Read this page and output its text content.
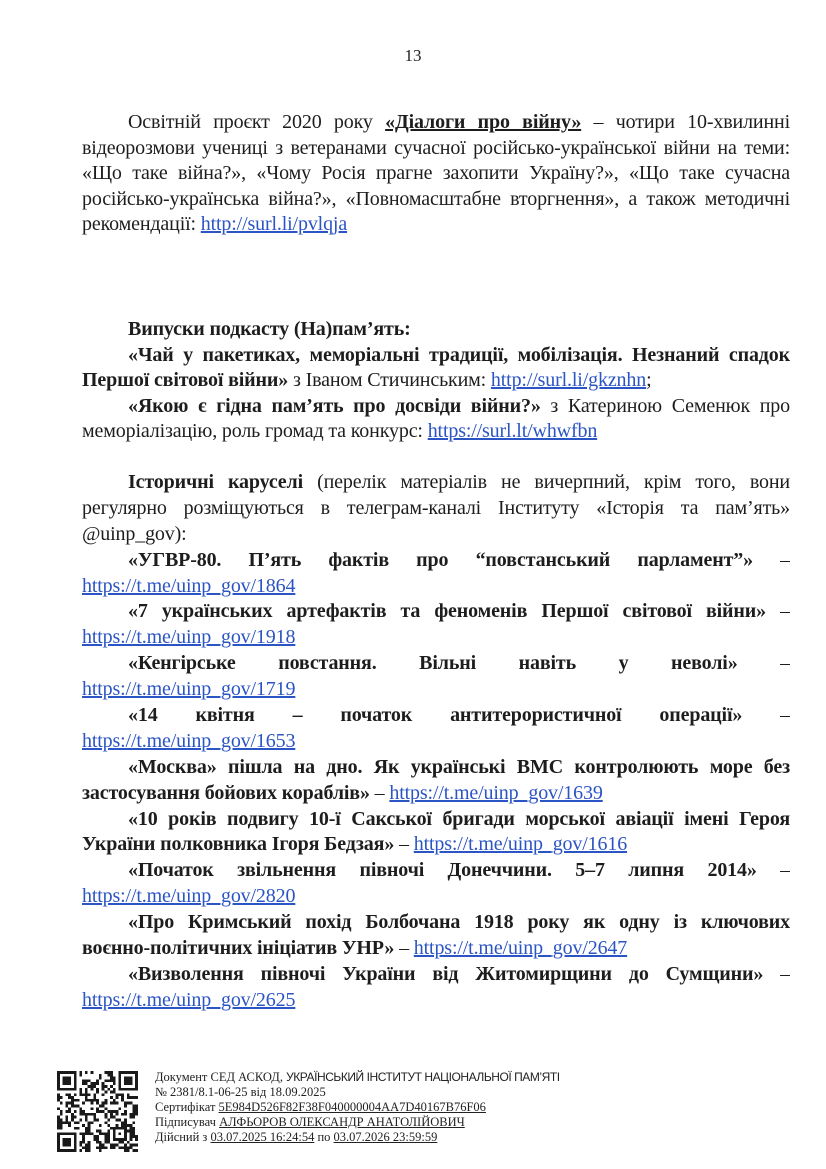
13
Освітній проєкт 2020 року «Діалоги про війну» – чотири 10-хвилинні
відеорозмови учениці з ветеранами сучасної російсько-української війни на теми:
«Що таке війна?», «Чому Росія прагне захопити Україну?», «Що таке сучасна
російсько-українська війна?», «Повномасштабне вторгнення», а також методичні
рекомендації: http://surl.li/pvlqja
Випуски подкасту (На)пам’ять:
«Чай у пакетиках, меморіальні традиції, мобілізація. Незнаний спадок
Першої світової війни» з Іваном Стичинським: http://surl.li/gkznhn;
«Якою є гідна пам’ять про досвіди війни?» з Катериною Семенюк про
меморіалізацію, роль громад та конкурс: https://surl.lt/whwfbn
Історичні каруселі (перелік матеріалів не вичерпний, крім того, вони
регулярно розміщуються в телеграм-каналі Інституту «Історія та пам’ять»
@uinp_gov):
«УГВР-80. П’ять фактів про “повстанський парламент”» –
https://t.me/uinp_gov/1864
«7 українських артефактів та феноменів Першої світової війни» –
https://t.me/uinp_gov/1918
«Кенгірське повстання. Вільні навіть у неволі» –
https://t.me/uinp_gov/1719
«14 квітня – початок антитерористичної операції» –
https://t.me/uinp_gov/1653
«Москва» пішла на дно. Як українські ВМС контролюють море без
застосування бойових кораблів» – https://t.me/uinp_gov/1639
«10 років подвигу 10-ї Сакської бригади морської авіації імені Героя
України полковника Ігоря Бедзая» – https://t.me/uinp_gov/1616
«Початок звільнення півночі Донеччини. 5–7 липня 2014» –
https://t.me/uinp_gov/2820
«Про Кримський похід Болбочана 1918 року як одну із ключових
воєнно-політичних ініціатив УНР» – https://t.me/uinp_gov/2647
«Визволення півночі України від Житомирщини до Сумщини» –
https://t.me/uinp_gov/2625
Документ СЕД АСКОД, УКРАЇНСЬКИЙ ІНСТИТУТ НАЦІОНАЛЬНОЇ ПАМ’ЯТІ
№ 2381/8.1-06-25 від 18.09.2025
Сертифікат 5E984D526F82F38F040000004AA7D40167B76F06
Підписувач АЛФЬОРОВ ОЛЕКСАНДР АНАТОЛІЙОВИЧ
Дійсний з 03.07.2025 16:24:54 по 03.07.2026 23:59:59
